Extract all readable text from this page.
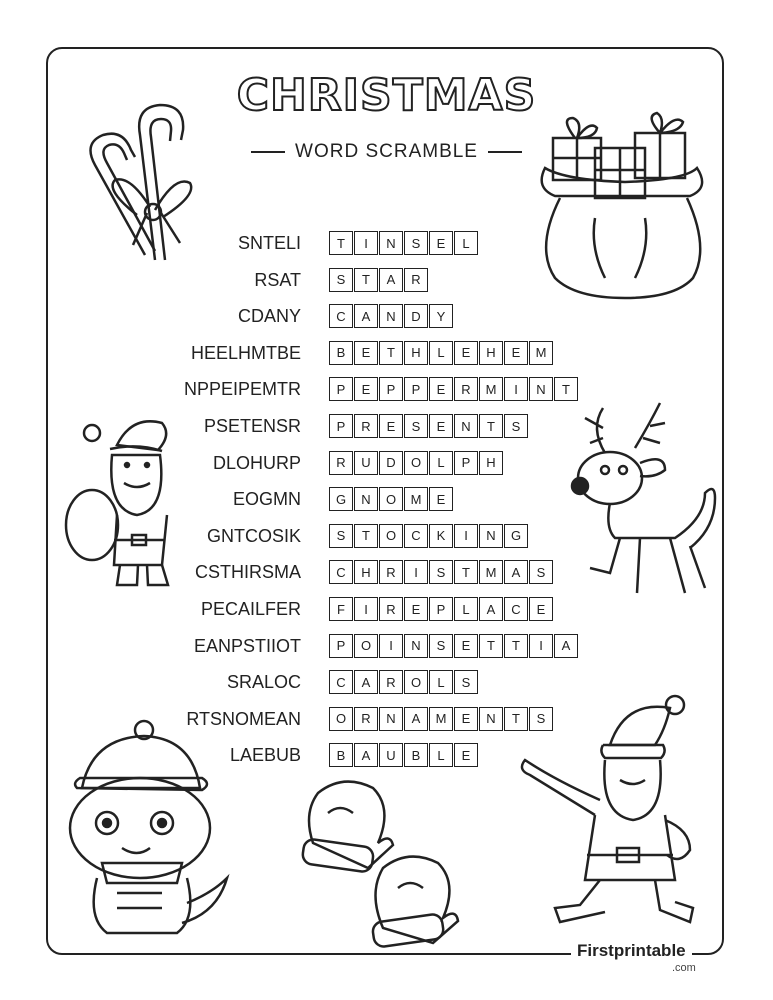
CHRISTMAS
WORD SCRAMBLE
SNTELI	T	I	N	S	E	L
RSAT	S	T	A	R
CDANY	C	A	N	D	Y
HEELHMTBE	B	E	T	H	L	E	H	E	M
NPPEIPEMTR	P	E	P	P	E	R	M	I	N	T
PSETENSR	P	R	E	S	E	N	T	S
DLOHURP	R	U	D	O	L	P	H
EOGMN	G	N	O	M	E
GNTCOSIK	S	T	O	C	K	I	N	G
CSTHIRSMA	C	H	R	I	S	T	M	A	S
PECAILFER	F	I	R	E	P	L	A	C	E
EANPSTIIOT	P	O	I	N	S	E	T	T	I	A
SRALOC	C	A	R	O	L	S
RTSNOMEAN	O	R	N	A	M	E	N	T	S
LAEBUB	B	A	U	B	L	E
Firstprintable
.com
